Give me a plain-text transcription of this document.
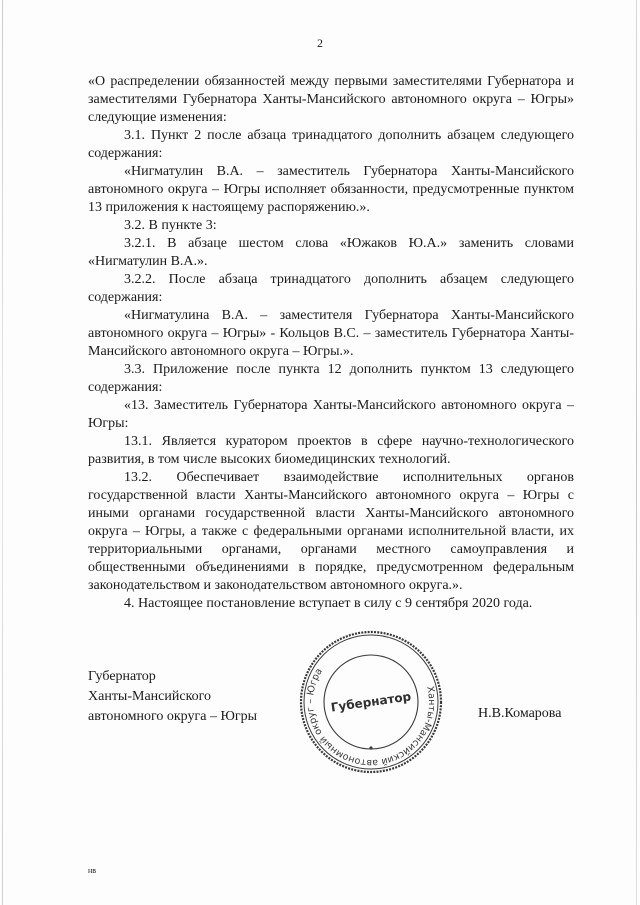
2

«О распределении обязанностей между первыми заместителями Губернатора и заместителями Губернатора Ханты-Мансийского автономного округа – Югры» следующие изменения:

3.1. Пункт 2 после абзаца тринадцатого дополнить абзацем следующего содержания:

«Нигматулин В.А. – заместитель Губернатора Ханты-Мансийского автономного округа – Югры исполняет обязанности, предусмотренные пунктом 13 приложения к настоящему распоряжению.».

3.2. В пункте 3:

3.2.1. В абзаце шестом слова «Южаков Ю.А.» заменить словами «Нигматулин В.А.».

3.2.2. После абзаца тринадцатого дополнить абзацем следующего содержания:

«Нигматулина В.А. – заместителя Губернатора Ханты-Мансийского автономного округа – Югры» - Кольцов В.С. – заместитель Губернатора Ханты-Мансийского автономного округа – Югры.».

3.3. Приложение после пункта 12 дополнить пунктом 13 следующего содержания:

«13. Заместитель Губернатора Ханты-Мансийского автономного округа – Югры:

13.1. Является куратором проектов в сфере научно-технологического развития, в том числе высоких биомедицинских технологий.

13.2. Обеспечивает взаимодействие исполнительных органов государственной власти Ханты-Мансийского автономного округа – Югры с иными органами государственной власти Ханты-Мансийского автономного округа – Югры, а также с федеральными органами исполнительной власти, их территориальными органами, органами местного самоуправления и общественными объединениями в порядке, предусмотренном федеральным законодательством и законодательством автономного округа.».

4. Настоящее постановление вступает в силу с 9 сентября 2020 года.

Губернатор
Ханты-Мансийского
автономного округа – Югры
Ханты-Мансийский автономный округ – Югра
Губернатор	Н.В.Комарова
нв
